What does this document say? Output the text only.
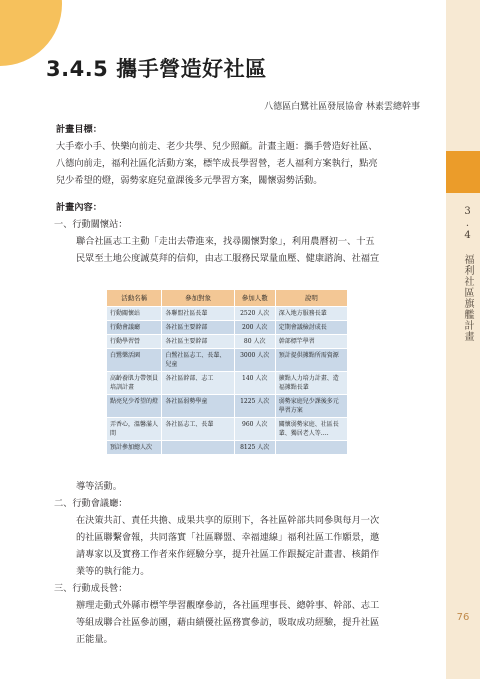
3.4 福利社區旗艦計畫
76
3.4.5 攜手營造好社區
八德區白鷺社區發展協會 林素雲總幹事

計畫目標：

大手牽小手、快樂向前走、老少共學、兒少照顧。計畫主題：攜手營造好社區、

八德向前走，福利社區化活動方案，標竿成長學習營，老人福利方案執行，點亮

兒少希望的燈，弱勢家庭兒童課後多元學習方案，關懷弱勢活動。

計畫內容：

一、行動關懷站：

聯合社區志工主動「走出去帶進來，找尋關懷對象」，利用農曆初一、十五

民眾至土地公度誠莫拜的信仰，由志工服務民眾量血壓、健康諮詢、社福宣

活動名稱	參加對象	參加人數	說明
行動關懷站	各聯盟社區長輩	2520 人次	深入地方服務長輩
行動會議廳	各社區主要幹部	200 人次	定期會議檢討成長
行動學習營	各社區主要幹部	80 人次	幹部標竿學習
白鷺樂活園	白鷺社區志工、長輩、兒童	3000 人次	預計提供據點所需資源
高齡養肌力帶領員培訓計畫	各社區幹部、志工	140 人次	擴點人力培力計畫、造福據點長輩
點亮兒少希望的燈	各社區弱勢學童	1225 人次	弱勢家庭兒少課後多元學習方案
弄香心，溫馨滿人間	各社區志工、長輩	960 人次	關懷弱勢家庭、社區長輩、獨居老人等….
預計參加總人次		8125 人次	

導等活動。

二、行動會議廳：

在決策共訂、責任共擔、成果共享的原則下，各社區幹部共同參與每月一次

的社區聯繫會報，共同落實「社區聯盟、幸福連線」福利社區工作願景，邀

請專家以及實務工作者來作經驗分享，提升社區工作跟擬定計畫書、核銷作

業等的執行能力。

三、行動成長營：

辦理走動式外縣市標竿學習觀摩參訪，各社區理事長、總幹事、幹部、志工

等組成聯合社區參訪團，藉由績優社區務實參訪，吸取成功經驗，提升社區

正能量。
